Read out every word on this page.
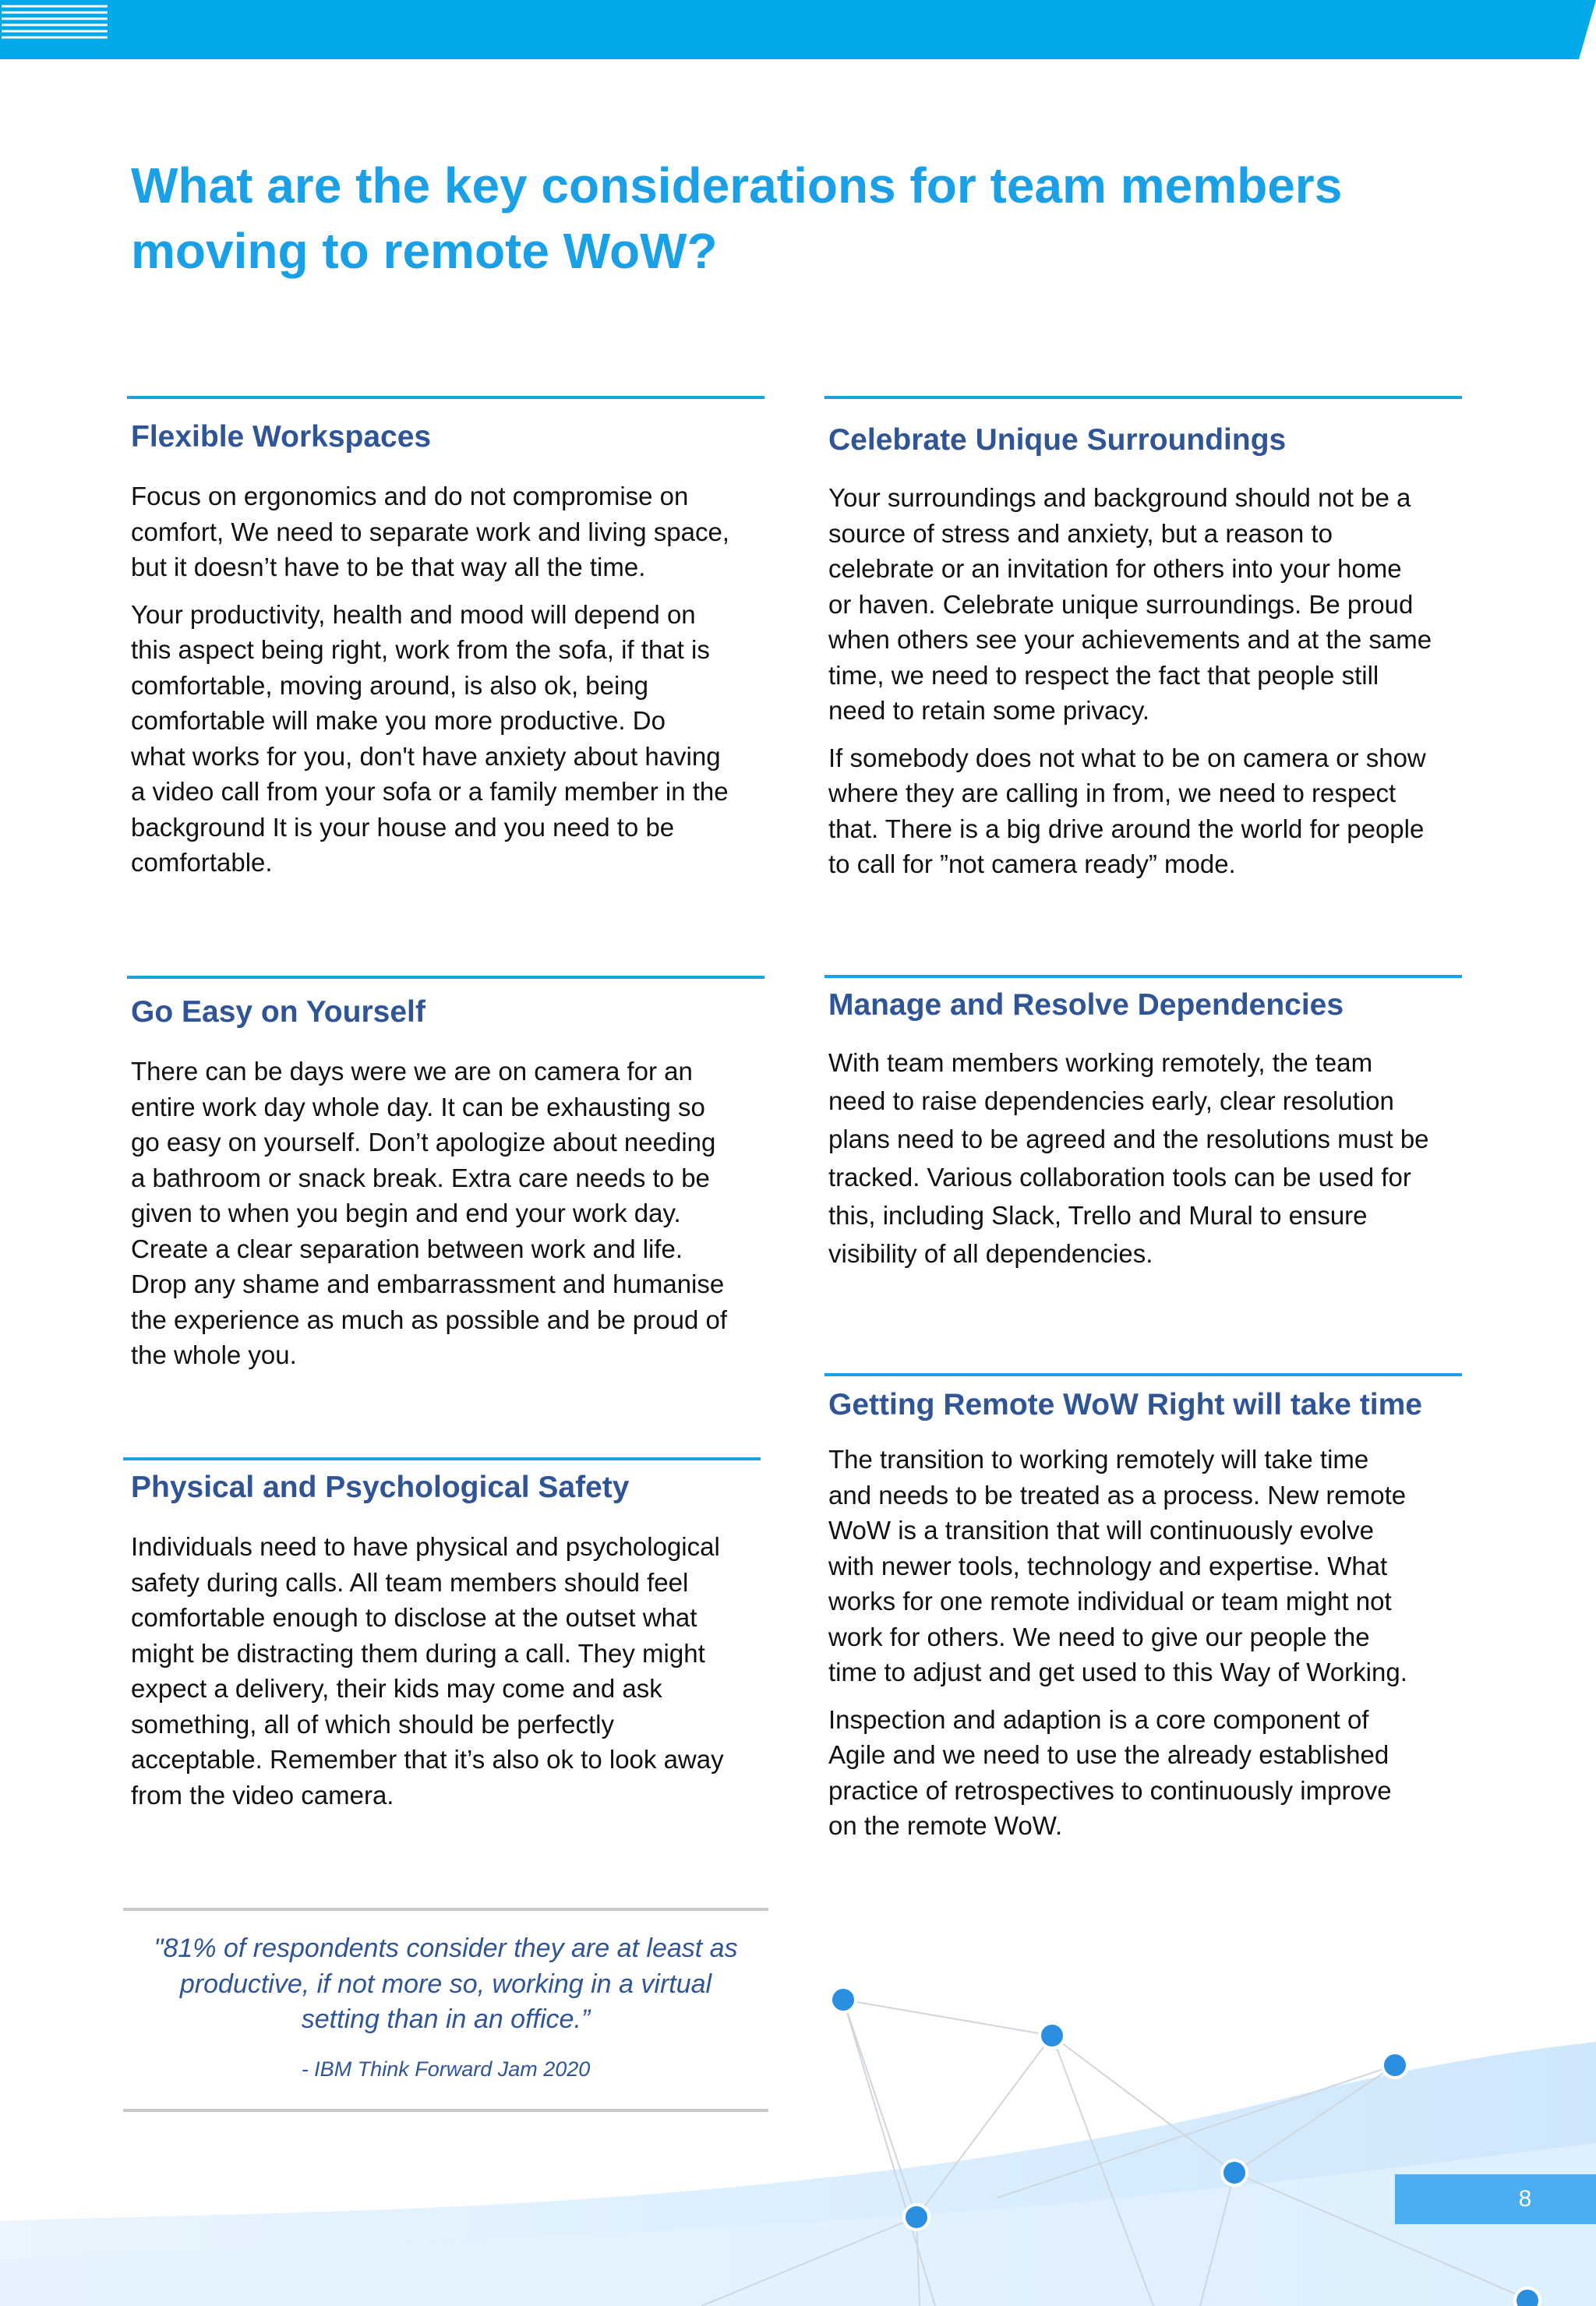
What are the key considerations for team members
moving to remote WoW?
Flexible Workspaces

Focus on ergonomics and do not compromise on
comfort, We need to separate work and living space,
but it doesn’t have to be that way all the time.

Your productivity, health and mood will depend on
this aspect being right, work from the sofa, if that is
comfortable, moving around, is also ok, being
comfortable will make you more productive. Do
what works for you, don't have anxiety about having
a video call from your sofa or a family member in the
background It is your house and you need to be
comfortable.

Celebrate Unique Surroundings

Your surroundings and background should not be a
source of stress and anxiety, but a reason to
celebrate or an invitation for others into your home
or haven. Celebrate unique surroundings. Be proud
when others see your achievements and at the same
time, we need to respect the fact that people still
need to retain some privacy.

If somebody does not what to be on camera or show
where they are calling in from, we need to respect
that. There is a big drive around the world for people
to call for ”not camera ready” mode.

Go Easy on Yourself

There can be days were we are on camera for an
entire work day whole day. It can be exhausting so
go easy on yourself. Don’t apologize about needing
a bathroom or snack break. Extra care needs to be
given to when you begin and end your work day.
Create a clear separation between work and life.
Drop any shame and embarrassment and humanise
the experience as much as possible and be proud of
the whole you.

Manage and Resolve Dependencies

With team members working remotely, the team
need to raise dependencies early, clear resolution
plans need to be agreed and the resolutions must be
tracked. Various collaboration tools can be used for
this, including Slack, Trello and Mural to ensure
visibility of all dependencies.

Getting Remote WoW Right will take time

The transition to working remotely will take time
and needs to be treated as a process. New remote
WoW is a transition that will continuously evolve
with newer tools, technology and expertise. What
works for one remote individual or team might not
work for others. We need to give our people the
time to adjust and get used to this Way of Working.

Inspection and adaption is a core component of
Agile and we need to use the already established
practice of retrospectives to continuously improve
on the remote WoW.

Physical and Psychological Safety

Individuals need to have physical and psychological
safety during calls. All team members should feel
comfortable enough to disclose at the outset what
might be distracting them during a call. They might
expect a delivery, their kids may come and ask
something, all of which should be perfectly
acceptable. Remember that it’s also ok to look away
from the video camera.

"81% of respondents consider they are at least as
productive, if not more so, working in a virtual
setting than in an office.”
- IBM Think Forward Jam 2020
8
